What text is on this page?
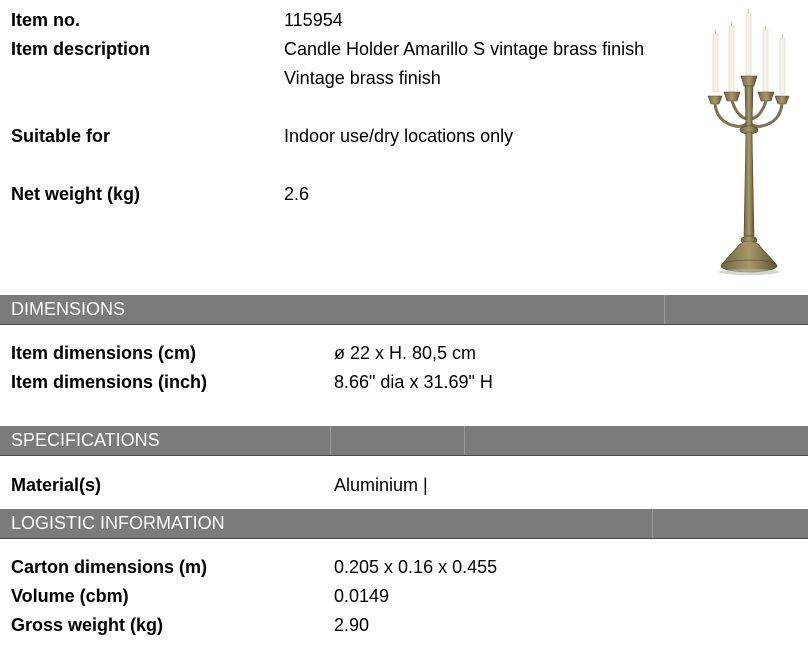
Item no.	115954
Item description	Candle Holder Amarillo S vintage brass finish
Vintage brass finish
Suitable for	Indoor use/dry locations only
Net weight (kg)	2.6
DIMENSIONS
Item dimensions (cm)	ø 22 x H. 80,5 cm
Item dimensions (inch)	8.66" dia x 31.69" H
SPECIFICATIONS
Material(s)	Aluminium |
LOGISTIC INFORMATION
Carton dimensions (m)	0.205 x 0.16 x 0.455
Volume (cbm)	0.0149
Gross weight (kg)	2.90
